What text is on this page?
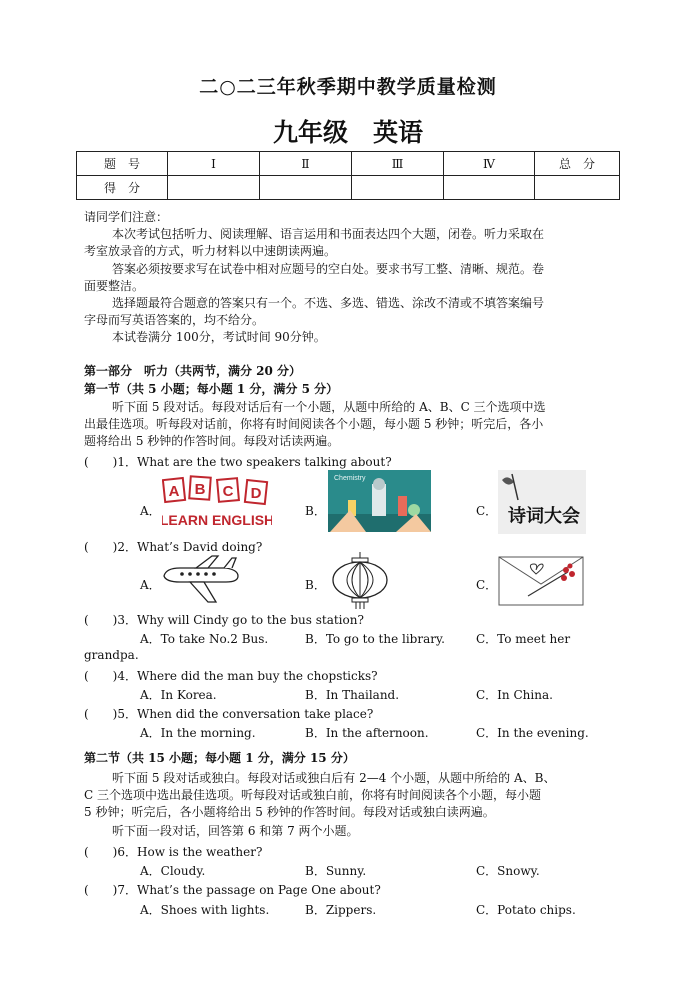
二○二三年秋季期中教学质量检测
九年级　英语
题　号	Ⅰ	Ⅱ	Ⅲ	Ⅳ	总　分
得　分					
请同学们注意：
本次考试包括听力、阅读理解、语言运用和书面表达四个大题，闭卷。听力采取在
考室放录音的方式，听力材料以中速朗读两遍。
答案必须按要求写在试卷中相对应题号的空白处。要求书写工整、清晰、规范。卷
面要整洁。
选择题最符合题意的答案只有一个。不选、多选、错选、涂改不清或不填答案编号
字母而写英语答案的，均不给分。
本试卷满分 100分，考试时间 90分钟。
第一部分　听力（共两节，满分 20 分）
第一节（共 5 小题；每小题 1 分，满分 5 分）
听下面 5 段对话。每段对话后有一个小题，从题中所给的 A、B、C 三个选项中选
出最佳选项。听每段对话前，你将有时间阅读各个小题，每小题 5 秒钟；听完后，各小
题将给出 5 秒钟的作答时间。每段对话读两遍。
(　　)1．What are the two speakers talking about?
A．
A B C D
LEARN ENGLISH
B．
Chemistry
C． 诗词大会
(　　)2．What’s David doing?
A．	B．	C．
(　　)3．Why will Cindy go to the bus station?
A．To take No.2 Bus.	B．To go to the library.	C．To meet her
grandpa.
(　　)4．Where did the man buy the chopsticks?
A．In Korea.	B．In Thailand.	C．In China.
(　　)5．When did the conversation take place?
A．In the morning.	B．In the afternoon.	C．In the evening.
第二节（共 15 小题；每小题 1 分，满分 15 分）
听下面 5 段对话或独白。每段对话或独白后有 2—4 个小题，从题中所给的 A、B、
C 三个选项中选出最佳选项。听每段对话或独白前，你将有时间阅读各个小题，每小题
5 秒钟；听完后，各小题将给出 5 秒钟的作答时间。每段对话或独白读两遍。
听下面一段对话，回答第 6 和第 7 两个小题。
(　　)6．How is the weather?
A．Cloudy.	B．Sunny.	C．Snowy.
(　　)7．What’s the passage on Page One about?
A．Shoes with lights.	B．Zippers.	C．Potato chips.
